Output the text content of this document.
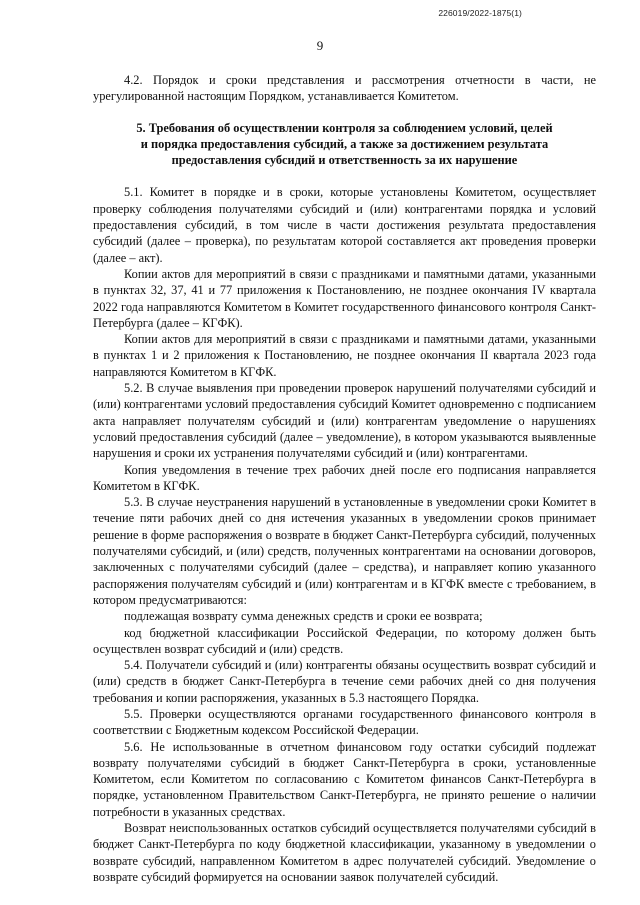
226019/2022-1875(1)
9

4.2. Порядок и сроки представления и рассмотрения отчетности в части, не урегулированной настоящим Порядком, устанавливается Комитетом.

5. Требования об осуществлении контроля за соблюдением условий, целей
и порядка предоставления субсидий, а также за достижением результата
предоставления субсидий и ответственность за их нарушение

5.1. Комитет в порядке и в сроки, которые установлены Комитетом, осуществляет проверку соблюдения получателями субсидий и (или) контрагентами порядка и условий предоставления субсидий, в том числе в части достижения результата предоставления субсидий (далее – проверка), по результатам которой составляется акт проведения проверки (далее – акт).

Копии актов для мероприятий в связи с праздниками и памятными датами, указанными в пунктах 32, 37, 41 и 77 приложения к Постановлению, не позднее окончания IV квартала 2022 года направляются Комитетом в Комитет государственного финансового контроля Санкт-Петербурга (далее – КГФК).

Копии актов для мероприятий в связи с праздниками и памятными датами, указанными в пунктах 1 и 2 приложения к Постановлению, не позднее окончания II квартала 2023 года направляются Комитетом в КГФК.

5.2. В случае выявления при проведении проверок нарушений получателями субсидий и (или) контрагентами условий предоставления субсидий Комитет одновременно с подписанием акта направляет получателям субсидий и (или) контрагентам уведомление о нарушениях условий предоставления субсидий (далее – уведомление), в котором указываются выявленные нарушения и сроки их устранения получателями субсидий и (или) контрагентами.

Копия уведомления в течение трех рабочих дней после его подписания направляется Комитетом в КГФК.

5.3. В случае неустранения нарушений в установленные в уведомлении сроки Комитет в течение пяти рабочих дней со дня истечения указанных в уведомлении сроков принимает решение в форме распоряжения о возврате в бюджет Санкт-Петербурга субсидий, полученных получателями субсидий, и (или) средств, полученных контрагентами на основании договоров, заключенных с получателями субсидий (далее – средства), и направляет копию указанного распоряжения получателям субсидий и (или) контрагентам и в КГФК вместе с требованием, в котором предусматриваются:

подлежащая возврату сумма денежных средств и сроки ее возврата;

код бюджетной классификации Российской Федерации, по которому должен быть осуществлен возврат субсидий и (или) средств.

5.4. Получатели субсидий и (или) контрагенты обязаны осуществить возврат субсидий и (или) средств в бюджет Санкт-Петербурга в течение семи рабочих дней со дня получения требования и копии распоряжения, указанных в 5.3 настоящего Порядка.

5.5. Проверки осуществляются органами государственного финансового контроля в соответствии с Бюджетным кодексом Российской Федерации.

5.6. Не использованные в отчетном финансовом году остатки субсидий подлежат возврату получателями субсидий в бюджет Санкт-Петербурга в сроки, установленные Комитетом, если Комитетом по согласованию с Комитетом финансов Санкт-Петербурга в порядке, установленном Правительством Санкт-Петербурга, не принято решение о наличии потребности в указанных средствах.

Возврат неиспользованных остатков субсидий осуществляется получателями субсидий в бюджет Санкт-Петербурга по коду бюджетной классификации, указанному в уведомлении о возврате субсидий, направленном Комитетом в адрес получателей субсидий. Уведомление о возврате субсидий формируется на основании заявок получателей субсидий.
